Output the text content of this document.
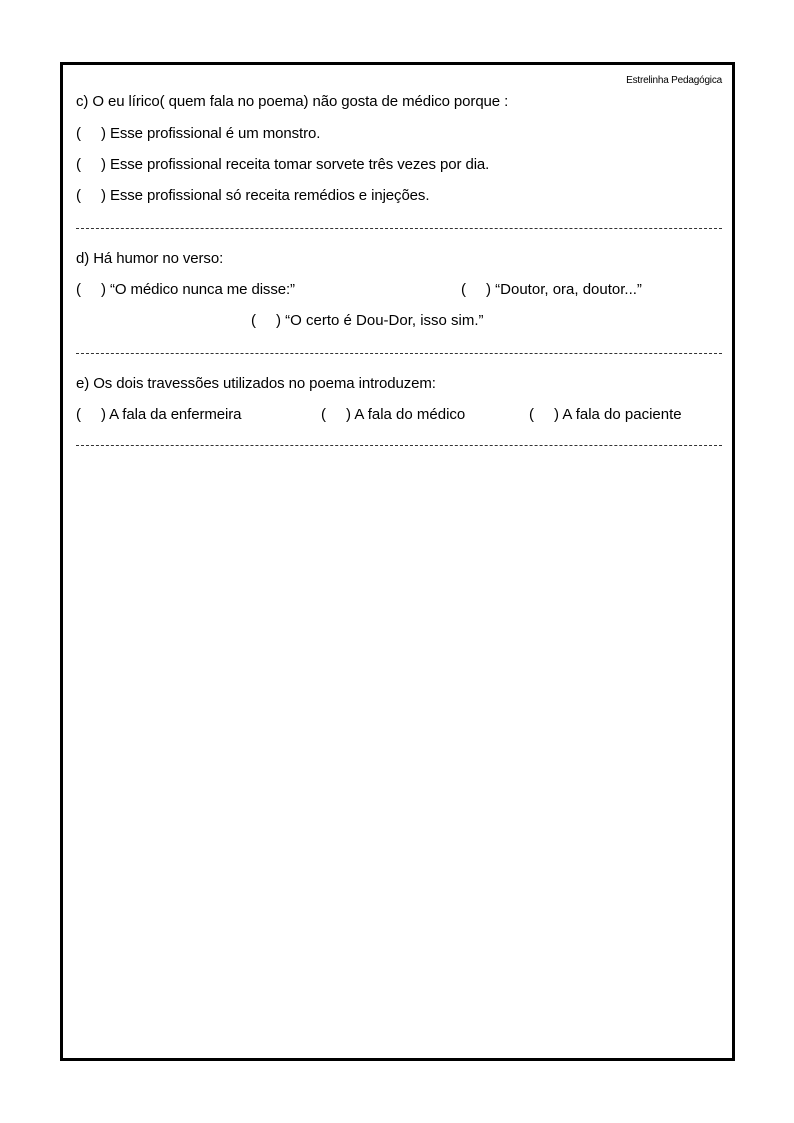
Estrelinha Pedagógica
c) O eu lírico( quem fala no poema) não gosta de médico porque :
(   ) Esse profissional é um monstro.
(   ) Esse profissional receita tomar sorvete três vezes por dia.
(   ) Esse profissional só receita remédios e injeções.
d) Há humor no verso:
(   ) “O médico nunca me disse:”	(   ) “Doutor, ora, doutor...”
(   ) “O certo é Dou-Dor, isso sim.”
e) Os dois travessões utilizados no poema introduzem:
(   ) A fala da enfermeira	(   ) A fala do médico	(   ) A fala do paciente
